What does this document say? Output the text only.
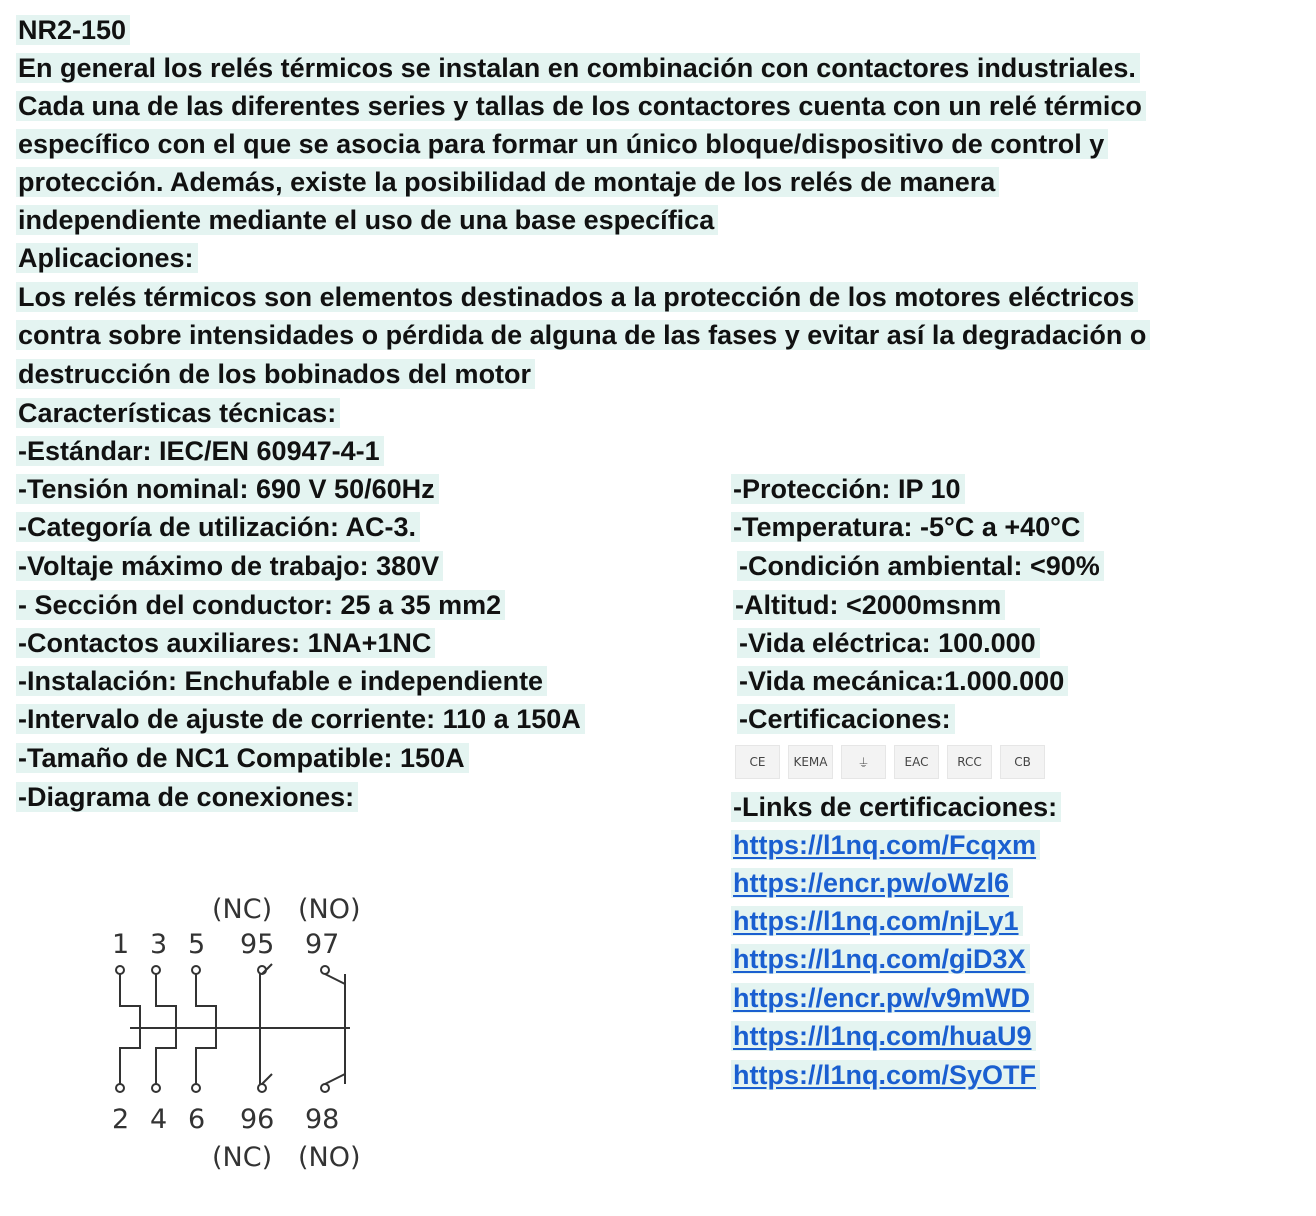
NR2-150
En general los relés térmicos se instalan en combinación con contactores industriales.
Cada una de las diferentes series y tallas de los contactores cuenta con un relé térmico
específico con el que se asocia para formar un único bloque/dispositivo de control y
protección. Además, existe la posibilidad de montaje de los relés de manera
independiente mediante el uso de una base específica
Aplicaciones:
Los relés térmicos son elementos destinados a la protección de los motores eléctricos
contra sobre intensidades o pérdida de alguna de las fases y evitar así la degradación o
destrucción de los bobinados del motor
Características técnicas:
-Estándar: IEC/EN 60947-4-1
-Tensión nominal: 690 V 50/60Hz
-Categoría de utilización: AC-3.
-Voltaje máximo de trabajo: 380V
- Sección del conductor: 25 a 35 mm2
-Contactos auxiliares: 1NA+1NC
-Instalación: Enchufable e independiente
-Intervalo de ajuste de corriente: 110 a 150A
-Tamaño de NC1 Compatible: 150A
-Diagrama de conexiones:
-Protección: IP 10
-Temperatura: -5°C a +40°C
-Condición ambiental: <90%
-Altitud: <2000msnm
-Vida eléctrica: 100.000
-Vida mecánica:1.000.000
-Certificaciones:
CE	KEMA	⏚	EAC	RCC	CB
-Links de certificaciones:
https://l1nq.com/Fcqxm
https://encr.pw/oWzl6
https://l1nq.com/njLy1
https://l1nq.com/giD3X
https://encr.pw/v9mWD
https://l1nq.com/huaU9
https://l1nq.com/SyOTF
(NC) (NO)
1 3 5 95 97
2 4 6 96 98
(NC) (NO)
